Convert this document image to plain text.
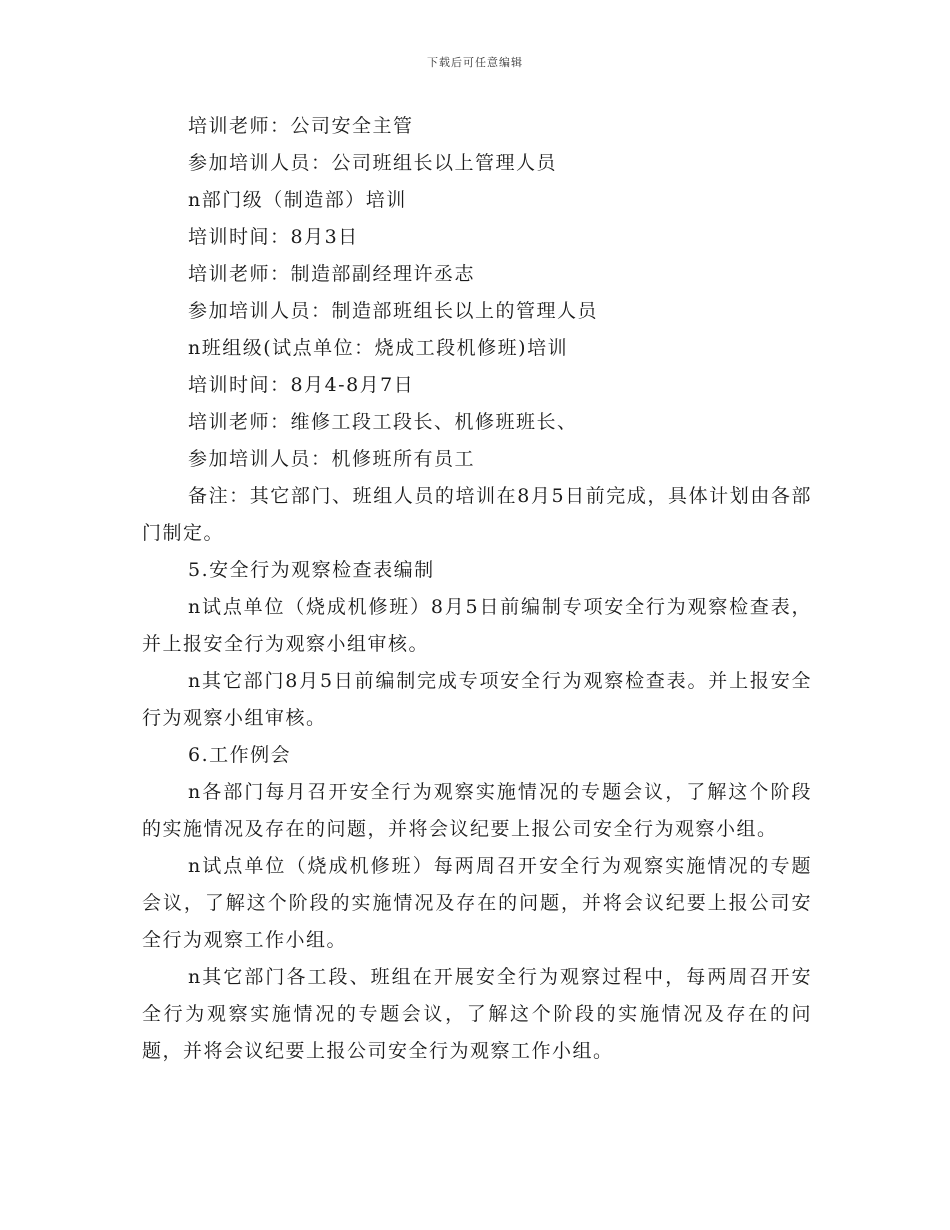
下载后可任意编辑

培训老师：公司安全主管

参加培训人员：公司班组长以上管理人员

n部门级（制造部）培训

培训时间：8月3日

培训老师：制造部副经理许丞志

参加培训人员：制造部班组长以上的管理人员

n班组级(试点单位：烧成工段机修班)培训

培训时间：8月4-8月7日

培训老师：维修工段工段长、机修班班长、

参加培训人员：机修班所有员工

备注：其它部门、班组人员的培训在8月5日前完成，具体计划由各部门制定。

5.安全行为观察检查表编制

n试点单位（烧成机修班）8月5日前编制专项安全行为观察检查表，并上报安全行为观察小组审核。

n其它部门8月5日前编制完成专项安全行为观察检查表。并上报安全行为观察小组审核。

6.工作例会

n各部门每月召开安全行为观察实施情况的专题会议，了解这个阶段的实施情况及存在的问题，并将会议纪要上报公司安全行为观察小组。

n试点单位（烧成机修班）每两周召开安全行为观察实施情况的专题会议，了解这个阶段的实施情况及存在的问题，并将会议纪要上报公司安全行为观察工作小组。

n其它部门各工段、班组在开展安全行为观察过程中，每两周召开安全行为观察实施情况的专题会议，了解这个阶段的实施情况及存在的问题，并将会议纪要上报公司安全行为观察工作小组。
